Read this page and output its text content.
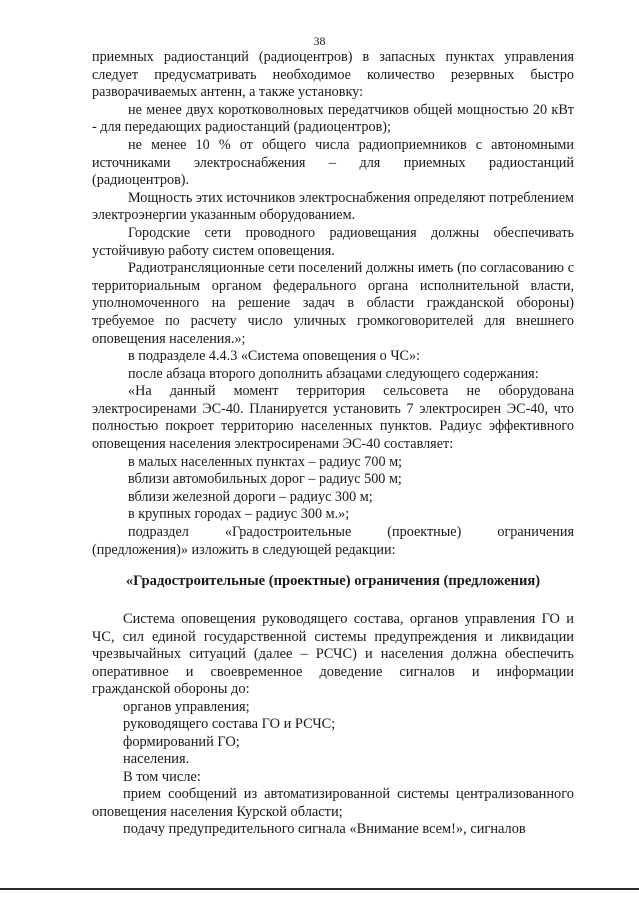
38

приемных радиостанций (радиоцентров) в запасных пунктах управления следует предусматривать необходимое количество резервных быстро разворачиваемых антенн, а также установку:

не менее двух коротковолновых передатчиков общей мощностью 20 кВт - для передающих радиостанций (радиоцентров);

не менее 10 % от общего числа радиоприемников с автономными источниками электроснабжения – для приемных радиостанций (радиоцентров).

Мощность этих источников электроснабжения определяют потреблением электроэнергии указанным оборудованием.

Городские сети проводного радиовещания должны обеспечивать устойчивую работу систем оповещения.

Радиотрансляционные сети поселений должны иметь (по согласованию с территориальным органом федерального органа исполнительной власти, уполномоченного на решение задач в области гражданской обороны) требуемое по расчету число уличных громкоговорителей для внешнего оповещения населения.»;

в подразделе 4.4.3 «Система оповещения о ЧС»:

после абзаца второго дополнить абзацами следующего содержания:

«На данный момент территория сельсовета не оборудована электросиренами ЭС-40. Планируется установить 7 электросирен ЭС-40, что полностью покроет территорию населенных пунктов. Радиус эффективного оповещения населения электросиренами ЭС-40 составляет:

в малых населенных пунктах – радиус 700 м;

вблизи автомобильных дорог – радиус 500 м;

вблизи железной дороги – радиус 300 м;

в крупных городах – радиус 300 м.»;

подраздел «Градостроительные (проектные) ограничения (предложения)» изложить в следующей редакции:

«Градостроительные (проектные) ограничения (предложения)

Система оповещения руководящего состава, органов управления ГО и ЧС, сил единой государственной системы предупреждения и ликвидации чрезвычайных ситуаций (далее – РСЧС) и населения должна обеспечить оперативное и своевременное доведение сигналов и информации гражданской обороны до:

органов управления;

руководящего состава ГО и РСЧС;

формирований ГО;

населения.

В том числе:

прием сообщений из автоматизированной системы централизованного оповещения населения Курской области;

подачу предупредительного сигнала «Внимание всем!», сигналов
